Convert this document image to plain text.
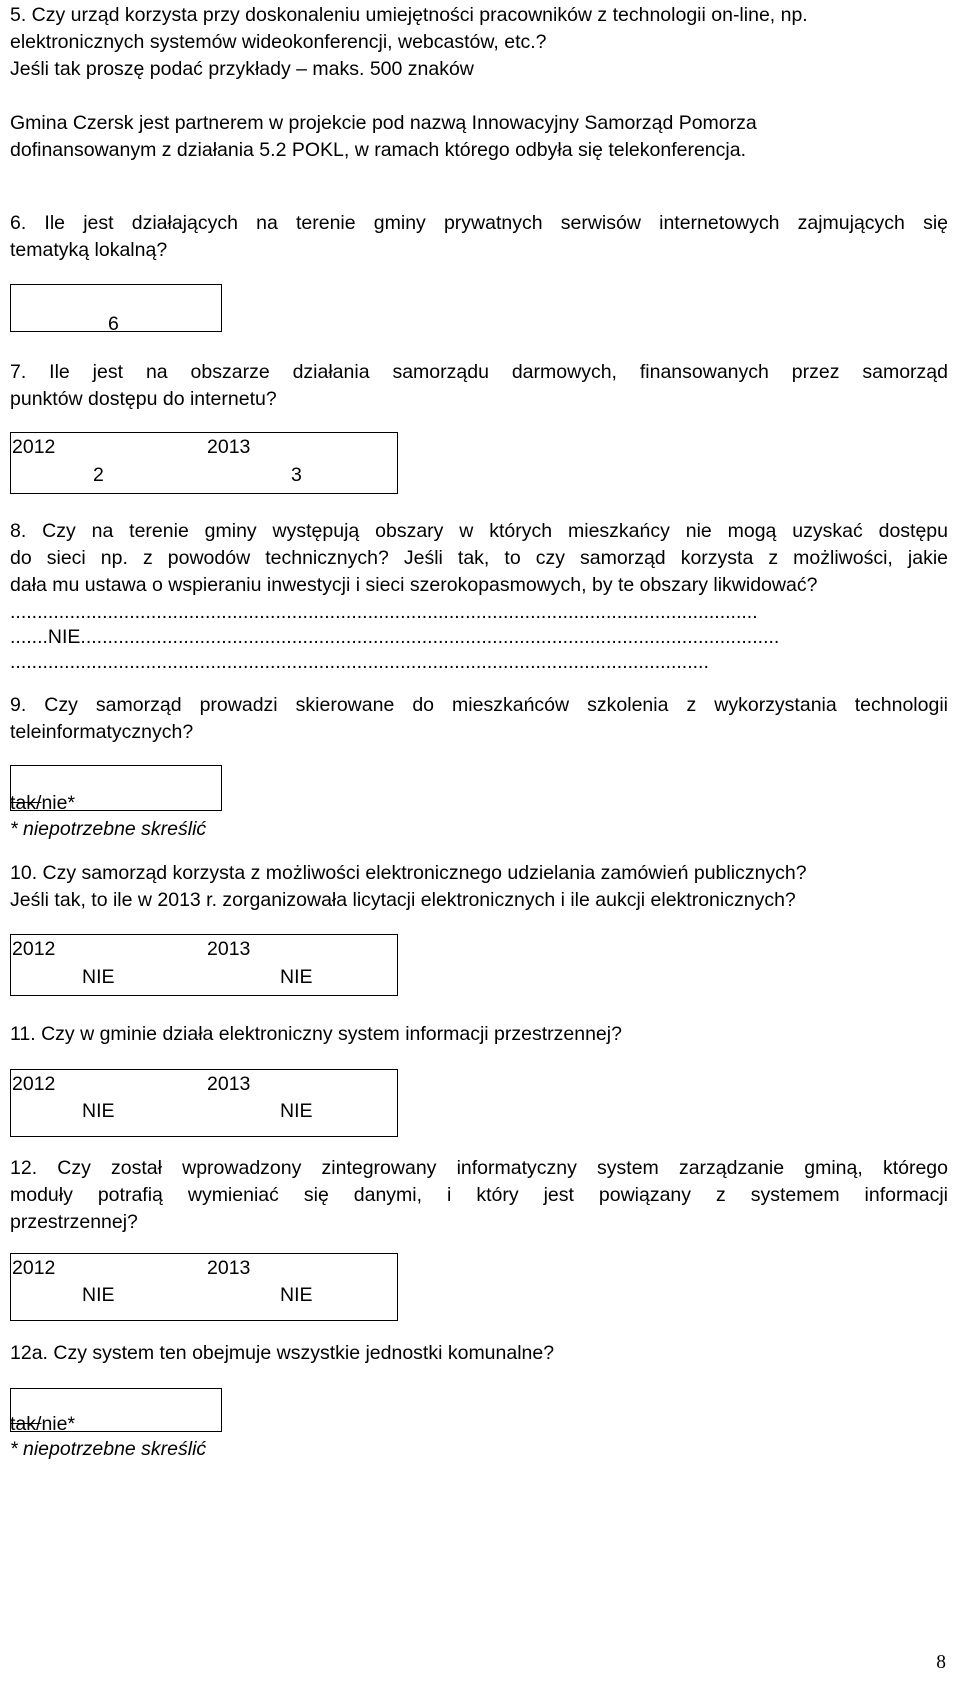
5. Czy urząd korzysta przy doskonaleniu umiejętności pracowników z technologii on-line, np.

elektronicznych systemów wideokonferencji, webcastów, etc.?

Jeśli tak proszę podać przykłady – maks. 500 znaków

Gmina Czersk jest partnerem w projekcie pod nazwą Innowacyjny Samorząd Pomorza

dofinansowanym z działania 5.2 POKL, w ramach którego odbyła się telekonferencja.

6. Ile jest działających na terenie gminy prywatnych serwisów internetowych zajmujących się

tematyką lokalną?

6

7. Ile jest na obszarze działania samorządu darmowych, finansowanych przez samorząd

punktów dostępu do internetu?

2012	2013
2	3

8. Czy na terenie gminy występują obszary w których mieszkańcy nie mogą uzyskać dostępu

do sieci np. z powodów technicznych? Jeśli tak, to czy samorząd korzysta z możliwości, jakie

dała mu ustawa o wspieraniu inwestycji i sieci szerokopasmowych, by te obszary likwidować?

..........................................................................................................................................

.......NIE.................................................................................................................................

.................................................................................................................................

9. Czy samorząd prowadzi skierowane do mieszkańców szkolenia z wykorzystania technologii

teleinformatycznych?

tak/nie*

* niepotrzebne skreślić

10. Czy samorząd korzysta z możliwości elektronicznego udzielania zamówień publicznych?

Jeśli tak, to ile w 2013 r. zorganizowała licytacji elektronicznych i ile aukcji elektronicznych?

2012	2013
NIE	NIE

11. Czy w gminie działa elektroniczny system informacji przestrzennej?

2012	2013
NIE	NIE

12. Czy został wprowadzony zintegrowany informatyczny system zarządzanie gminą, którego

moduły potrafią wymieniać się danymi, i który jest powiązany z systemem informacji

przestrzennej?

2012	2013
NIE	NIE

12a. Czy system ten obejmuje wszystkie jednostki komunalne?

tak/nie*

* niepotrzebne skreślić

8
